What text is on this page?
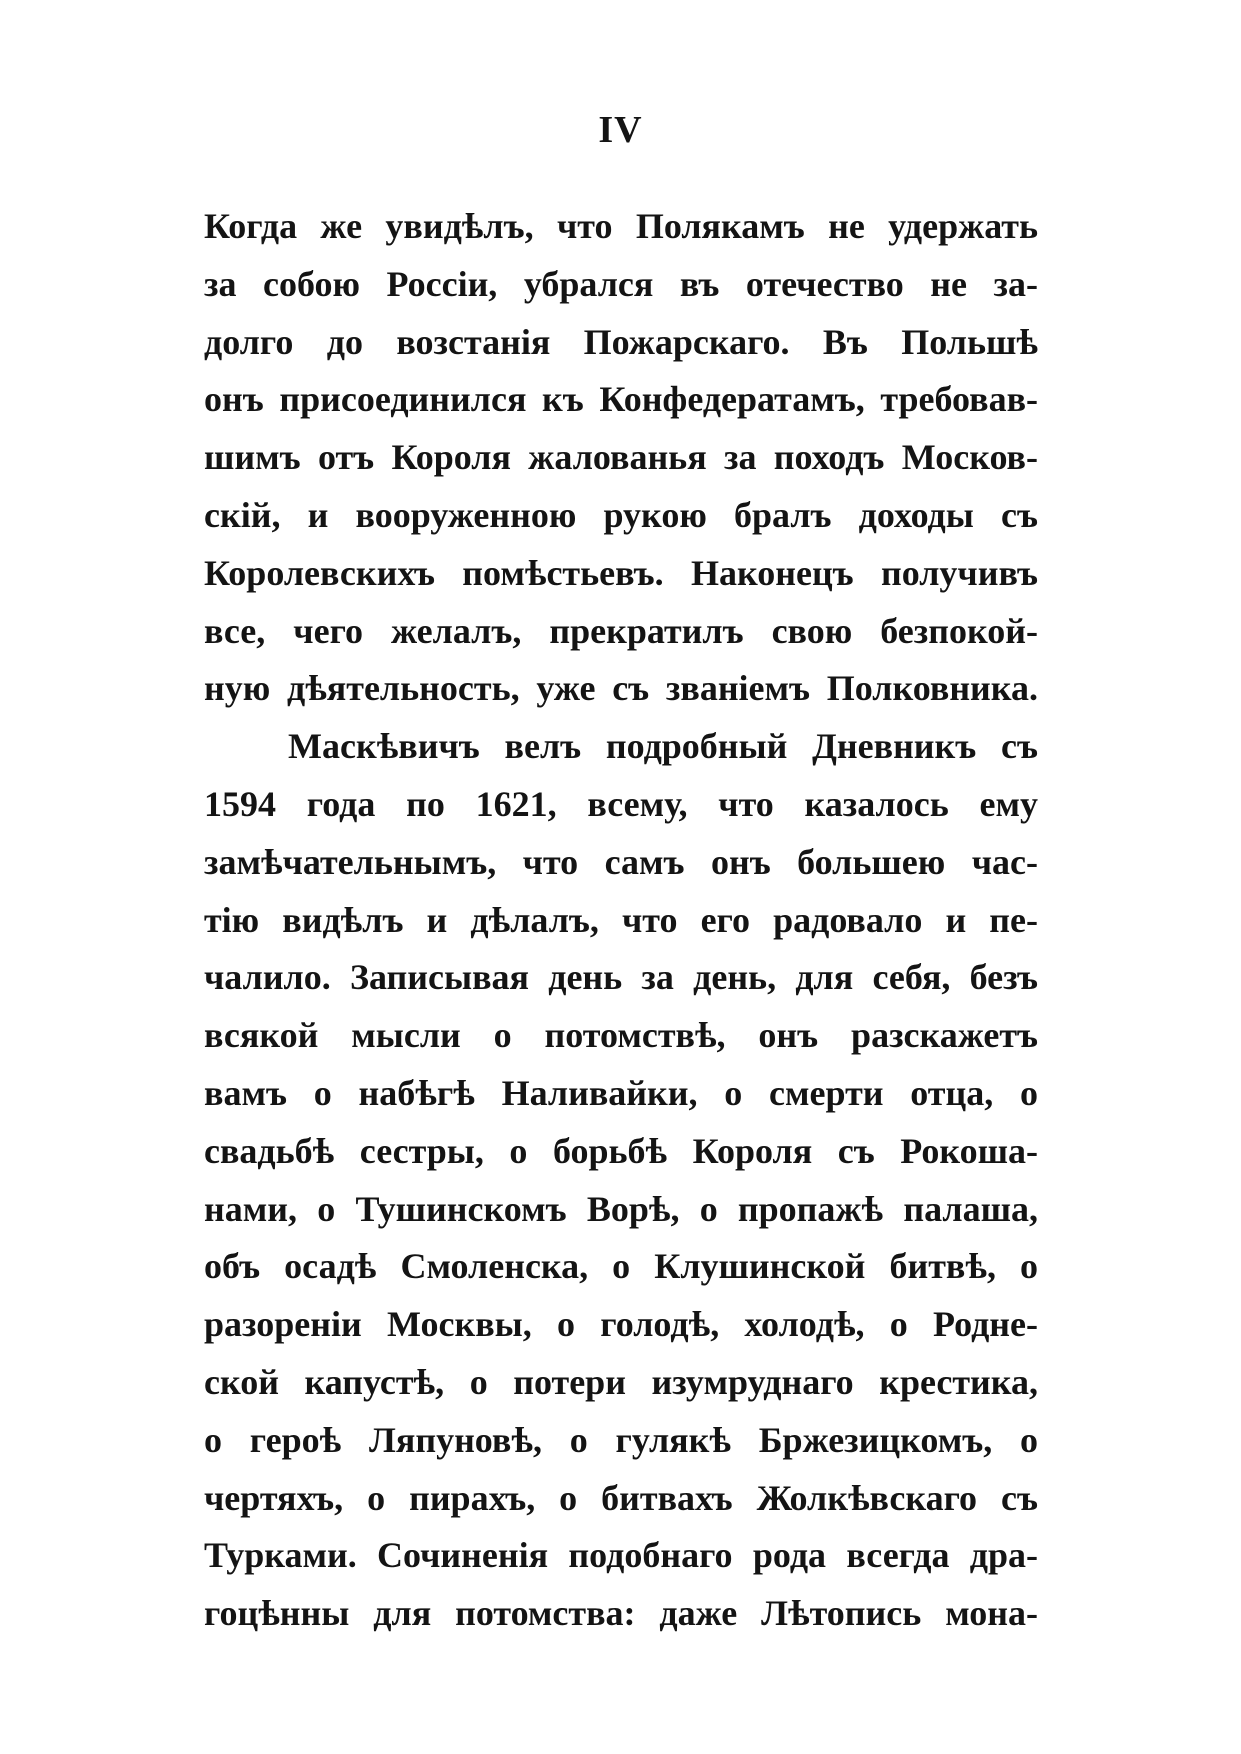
IV
Когда же увидѣлъ, что Полякамъ не удержать
за собою Россіи, убрался въ отечество не за-
долго до возстанія Пожарскаго. Въ Польшѣ
онъ присоединился къ Конфедератамъ, требовав-
шимъ отъ Короля жалованья за походъ Москов-
скій, и вооруженною рукою бралъ доходы съ
Королевскихъ помѣстьевъ. Наконецъ получивъ
все, чего желалъ, прекратилъ свою безпокой-
ную дѣятельность, уже съ званіемъ Полковника.
Маскѣвичъ велъ подробный Дневникъ съ
1594 года по 1621, всему, что казалось ему
замѣчательнымъ, что самъ онъ большею час-
тію видѣлъ и дѣлалъ, что его радовало и пе-
чалило. Записывая день за день, для себя, безъ
всякой мысли о потомствѣ, онъ разскажетъ
вамъ о набѣгѣ Наливайки, о смерти отца, о
свадьбѣ сестры, о борьбѣ Короля съ Рокоша-
нами, о Тушинскомъ Ворѣ, о пропажѣ палаша,
объ осадѣ Смоленска, о Клушинской битвѣ, о
разореніи Москвы, о голодѣ, холодѣ, о Родне-
ской капустѣ, о потери изумруднаго крестика,
о героѣ Ляпуновѣ, о гулякѣ Бржезицкомъ, о
чертяхъ, о пирахъ, о битвахъ Жолкѣвскаго съ
Турками. Сочиненія подобнаго рода всегда дра-
гоцѣнны для потомства: даже Лѣтопись мона-
